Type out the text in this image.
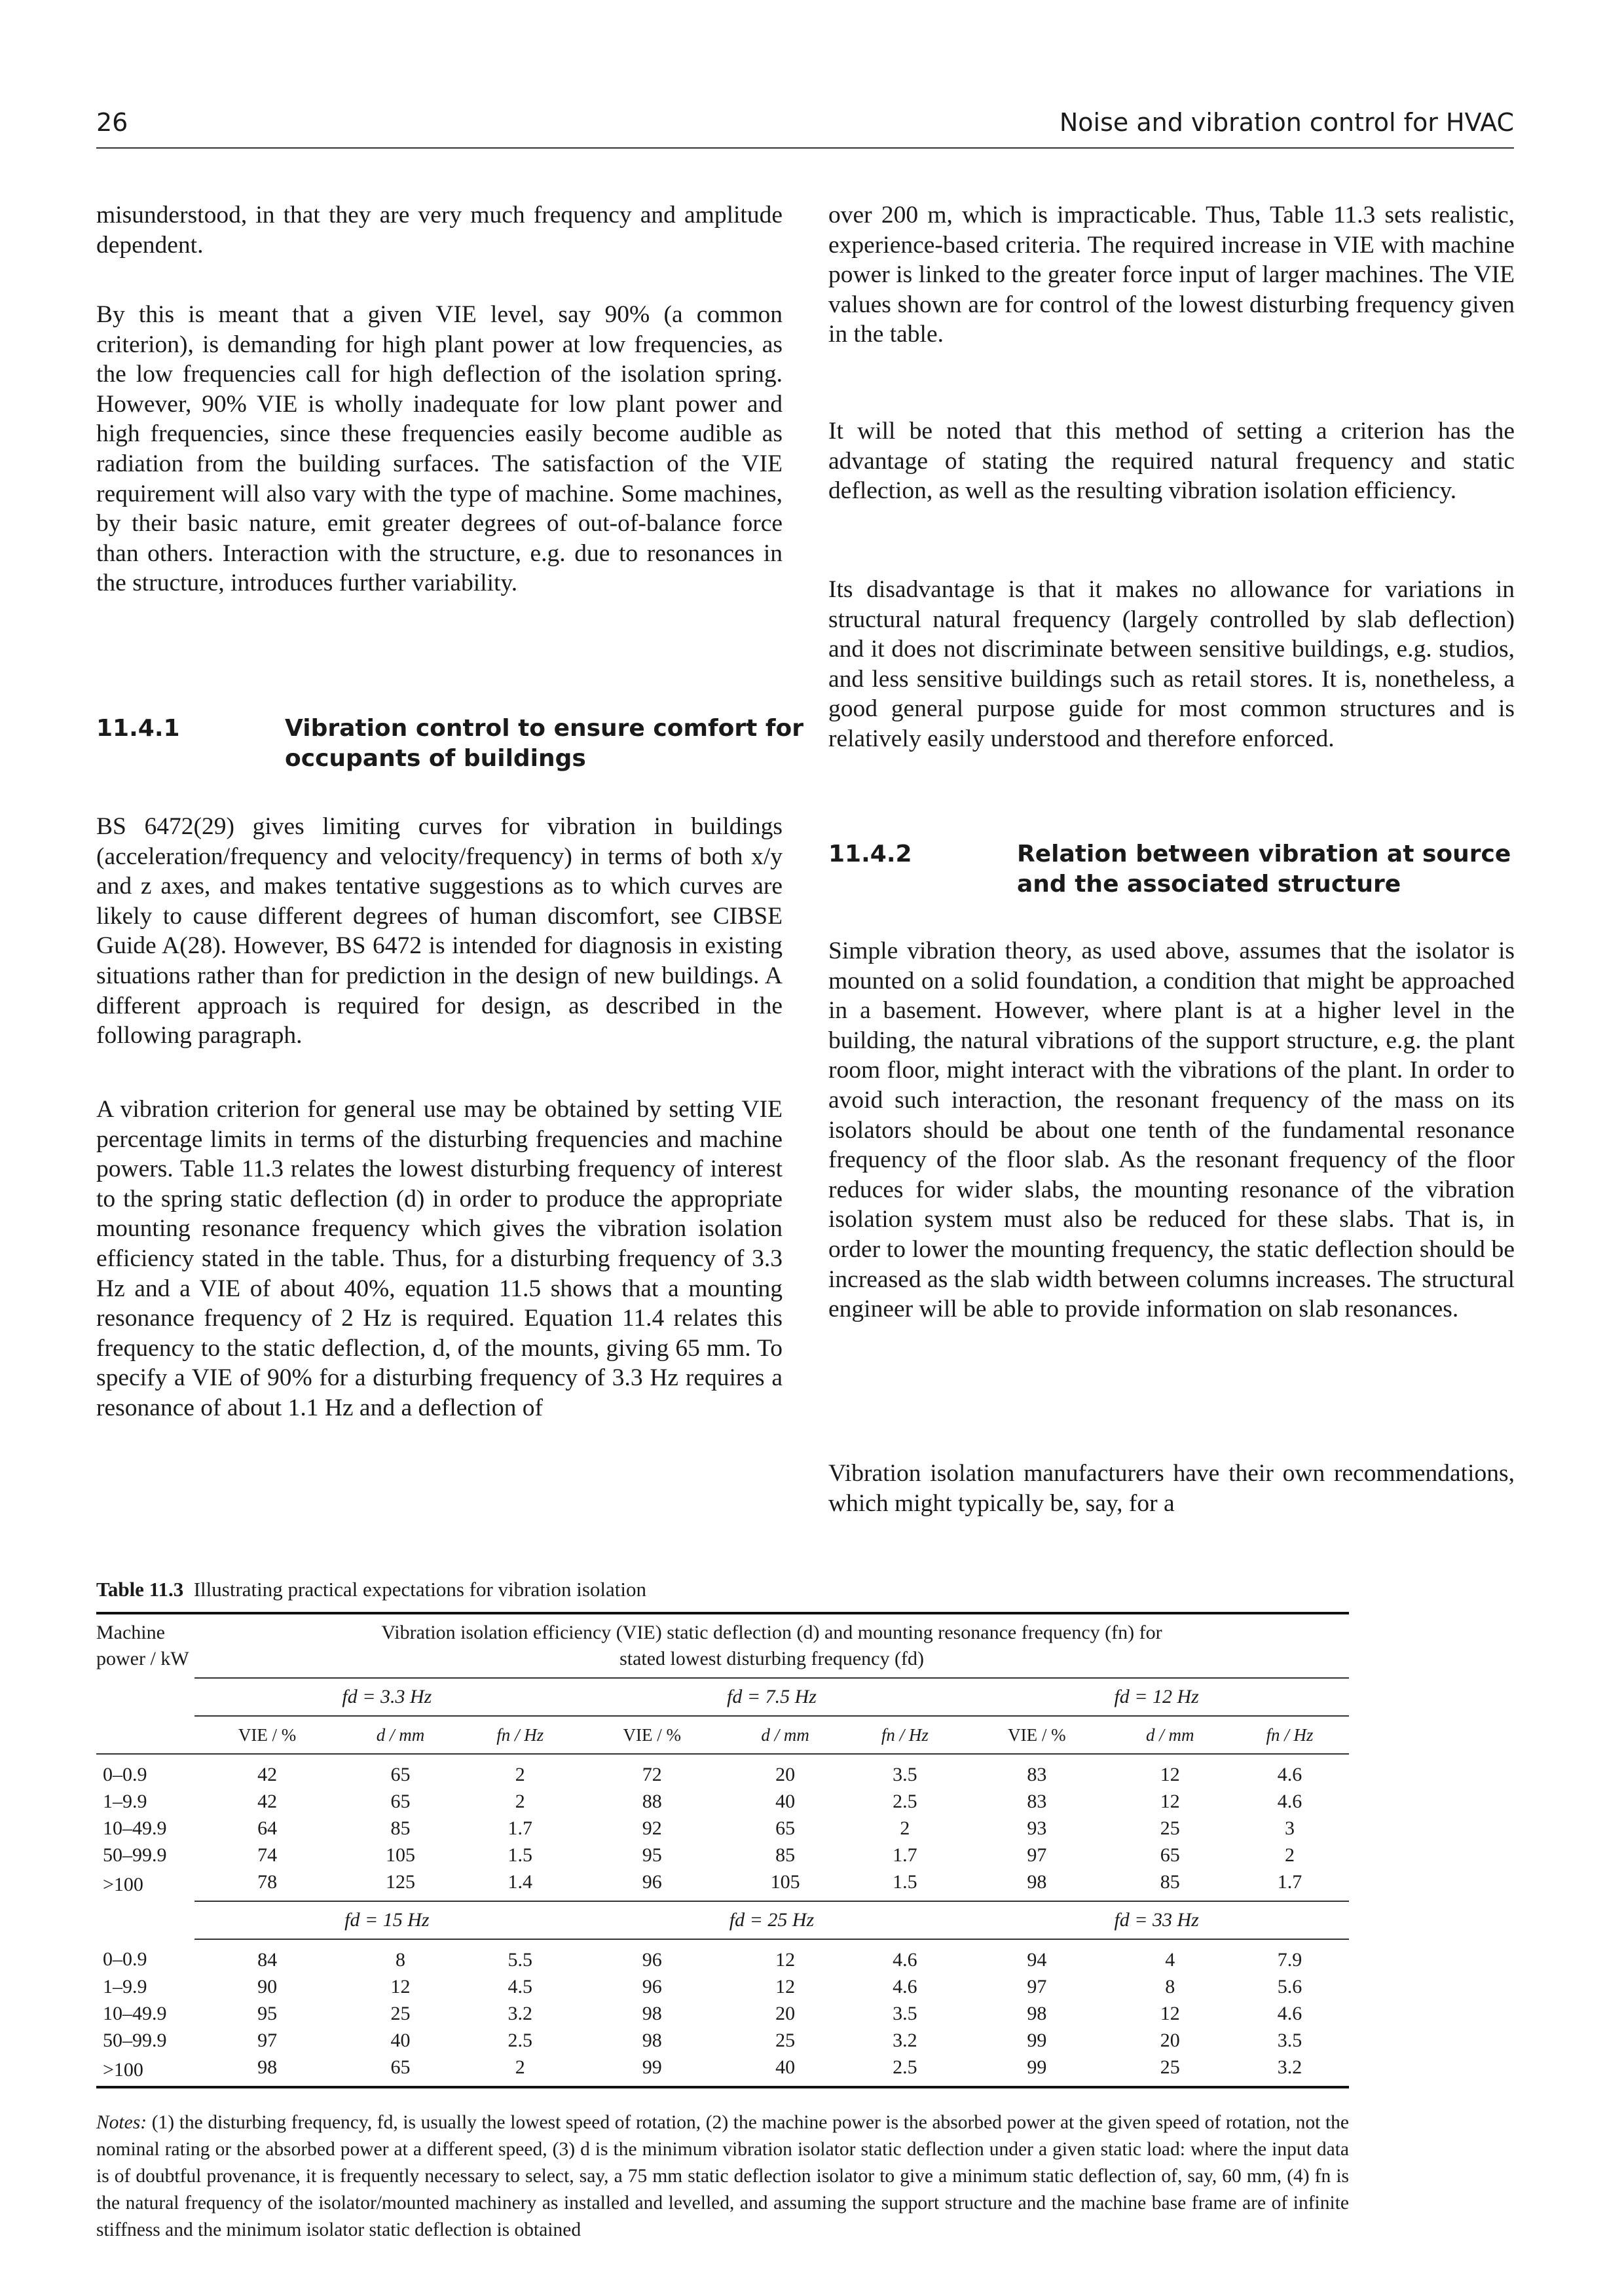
26	Noise and vibration control for HVAC

misunderstood, in that they are very much frequency and amplitude dependent.

By this is meant that a given VIE level, say 90% (a common criterion), is demanding for high plant power at low frequencies, as the low frequencies call for high deflection of the isolation spring. However, 90% VIE is wholly inadequate for low plant power and high frequencies, since these frequencies easily become audible as radiation from the building surfaces. The satisfaction of the VIE requirement will also vary with the type of machine. Some machines, by their basic nature, emit greater degrees of out-of-balance force than others. Interaction with the structure, e.g. due to resonances in the structure, introduces further variability.

11.4.1	Vibration control to ensure comfort for occupants of buildings

BS 6472(29) gives limiting curves for vibration in buildings (acceleration/frequency and velocity/frequency) in terms of both x/y and z axes, and makes tentative suggestions as to which curves are likely to cause different degrees of human discomfort, see CIBSE Guide A(28). However, BS 6472 is intended for diagnosis in existing situations rather than for prediction in the design of new buildings. A different approach is required for design, as described in the following paragraph.

A vibration criterion for general use may be obtained by setting VIE percentage limits in terms of the disturbing frequencies and machine powers. Table 11.3 relates the lowest disturbing frequency of interest to the spring static deflection (d) in order to produce the appropriate mounting resonance frequency which gives the vibration isolation efficiency stated in the table. Thus, for a disturbing frequency of 3.3 Hz and a VIE of about 40%, equation 11.5 shows that a mounting resonance frequency of 2 Hz is required. Equation 11.4 relates this frequency to the static deflection, d, of the mounts, giving 65 mm. To specify a VIE of 90% for a disturbing frequency of 3.3 Hz requires a resonance of about 1.1 Hz and a deflection of

over 200 m, which is impracticable. Thus, Table 11.3 sets realistic, experience-based criteria. The required increase in VIE with machine power is linked to the greater force input of larger machines. The VIE values shown are for control of the lowest disturbing frequency given in the table.

It will be noted that this method of setting a criterion has the advantage of stating the required natural frequency and static deflection, as well as the resulting vibration isolation efficiency.

Its disadvantage is that it makes no allowance for variations in structural natural frequency (largely controlled by slab deflection) and it does not discriminate between sensitive buildings, e.g. studios, and less sensitive buildings such as retail stores. It is, nonetheless, a good general purpose guide for most common structures and is relatively easily understood and therefore enforced.

11.4.2	Relation between vibration at source and the associated structure

Simple vibration theory, as used above, assumes that the isolator is mounted on a solid foundation, a condition that might be approached in a basement. However, where plant is at a higher level in the building, the natural vibrations of the support structure, e.g. the plant room floor, might interact with the vibrations of the plant. In order to avoid such interaction, the resonant frequency of the mass on its isolators should be about one tenth of the fundamental resonance frequency of the floor slab. As the resonant frequency of the floor reduces for wider slabs, the mounting resonance of the vibration isolation system must also be reduced for these slabs. That is, in order to lower the mounting frequency, the static deflection should be increased as the slab width between columns increases. The structural engineer will be able to provide information on slab resonances.

Vibration isolation manufacturers have their own recommendations, which might typically be, say, for a

Table 11.3 Illustrating practical expectations for vibration isolation
Machine power / kW	Vibration isolation efficiency (VIE) static deflection (d) and mounting resonance frequency (fn) for stated lowest disturbing frequency (fd)								
	fd = 3.3 Hz			fd = 7.5 Hz			fd = 12 Hz		
	VIE / %	d / mm	fn / Hz	VIE / %	d / mm	fn / Hz	VIE / %	d / mm	fn / Hz
0–0.9	42	65	2	72	20	3.5	83	12	4.6
1–9.9	42	65	2	88	40	2.5	83	12	4.6
10–49.9	64	85	1.7	92	65	2	93	25	3
50–99.9	74	105	1.5	95	85	1.7	97	65	2
>100	78	125	1.4	96	105	1.5	98	85	1.7
	fd = 15 Hz			fd = 25 Hz			fd = 33 Hz		
0–0.9	84	8	5.5	96	12	4.6	94	4	7.9
1–9.9	90	12	4.5	96	12	4.6	97	8	5.6
10–49.9	95	25	3.2	98	20	3.5	98	12	4.6
50–99.9	97	40	2.5	98	25	3.2	99	20	3.5
>100	98	65	2	99	40	2.5	99	25	3.2
Notes: (1) the disturbing frequency, fd, is usually the lowest speed of rotation, (2) the machine power is the absorbed power at the given speed of rotation, not the nominal rating or the absorbed power at a different speed, (3) d is the minimum vibration isolator static deflection under a given static load: where the input data is of doubtful provenance, it is frequently necessary to select, say, a 75 mm static deflection isolator to give a minimum static deflection of, say, 60 mm, (4) fn is the natural frequency of the isolator/mounted machinery as installed and levelled, and assuming the support structure and the machine base frame are of infinite stiffness and the minimum isolator static deflection is obtained
